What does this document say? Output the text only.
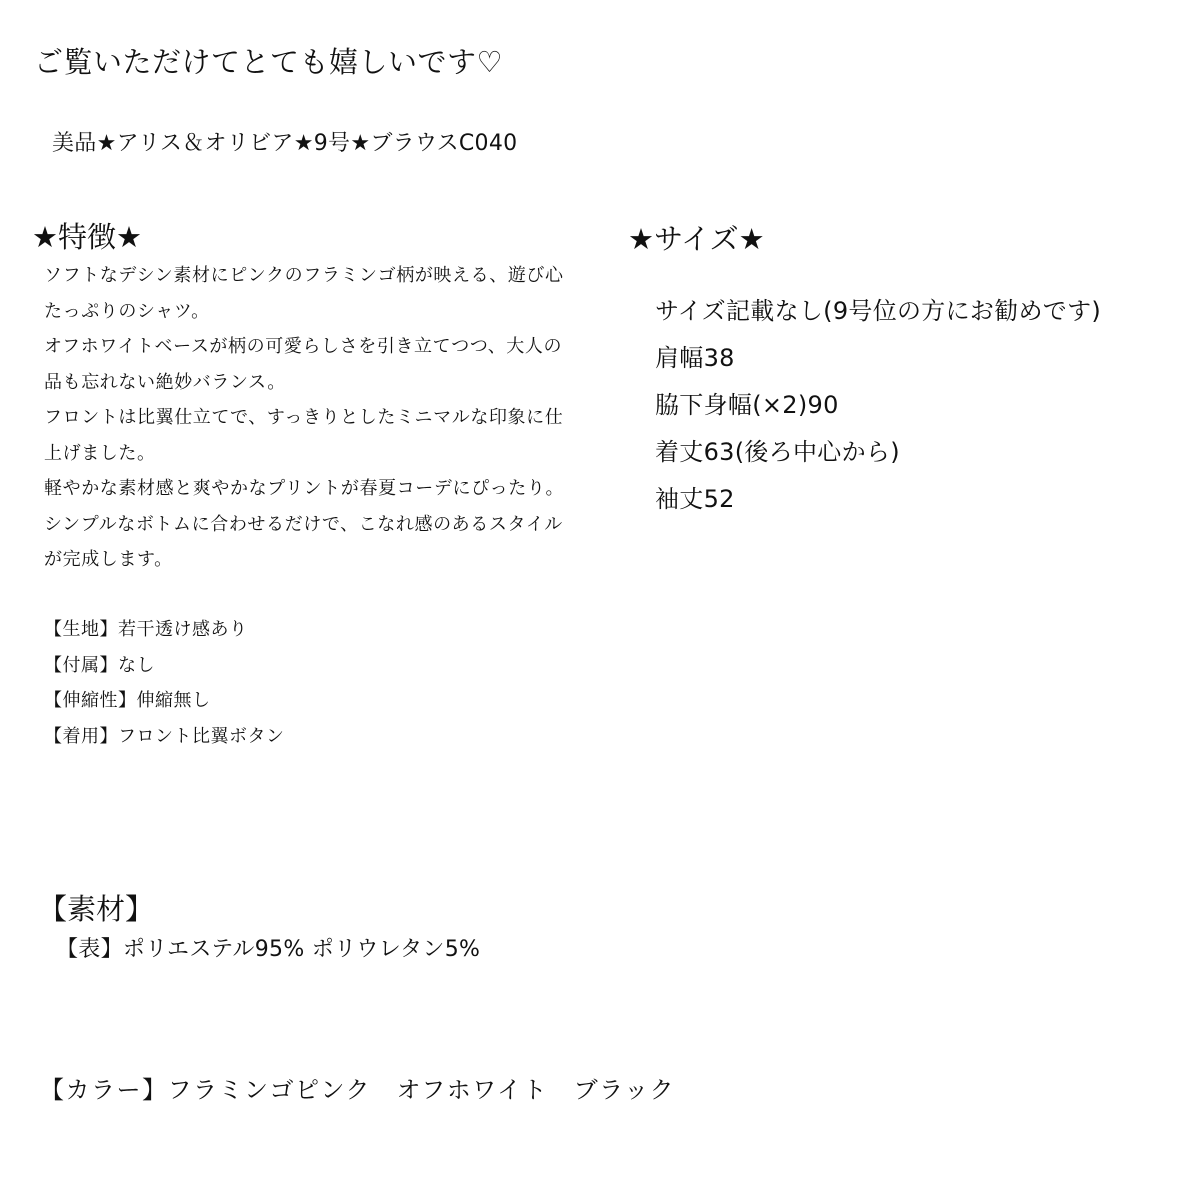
ご覧いただけてとても嬉しいです♡
美品★アリス＆オリビア★9号★ブラウスC040
★特徴★
ソフトなデシン素材にピンクのフラミンゴ柄が映える、遊び心
たっぷりのシャツ。
オフホワイトベースが柄の可愛らしさを引き立てつつ、大人の
品も忘れない絶妙バランス。
フロントは比翼仕立てで、すっきりとしたミニマルな印象に仕
上げました。
軽やかな素材感と爽やかなプリントが春夏コーデにぴったり。
シンプルなボトムに合わせるだけで、こなれ感のあるスタイル
が完成します。
【生地】若干透け感あり
【付属】なし
【伸縮性】伸縮無し
【着用】フロント比翼ボタン
★サイズ★
サイズ記載なし(9号位の方にお勧めです)
肩幅38
脇下身幅(×2)90
着丈63(後ろ中心から)
袖丈52
【素材】
【表】ポリエステル95% ポリウレタン5%
【カラー】フラミンゴピンク　オフホワイト　ブラック
